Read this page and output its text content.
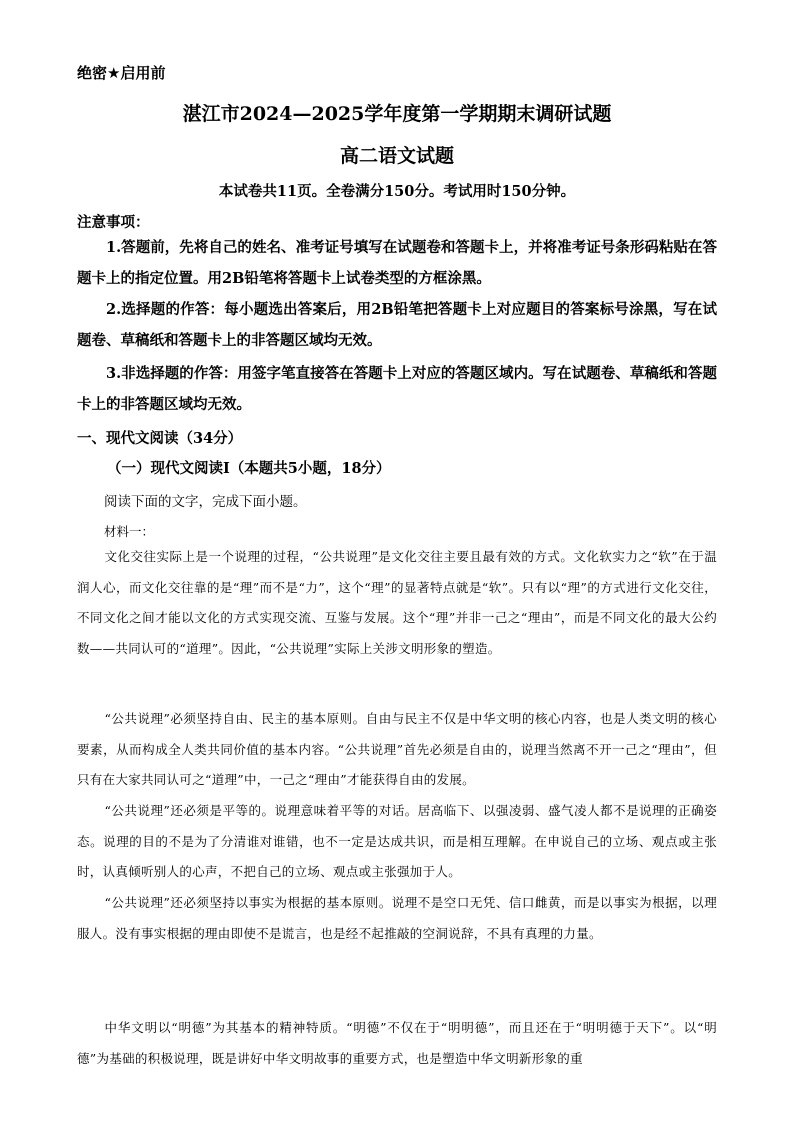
绝密★启用前
湛江市2024—2025学年度第一学期期末调研试题
高二语文试题
本试卷共11页。全卷满分150分。考试用时150分钟。
注意事项：

1.答题前，先将自己的姓名、准考证号填写在试题卷和答题卡上，并将准考证号条形码粘贴在答题卡上的指定位置。用2B铅笔将答题卡上试卷类型的方框涂黑。

2.选择题的作答：每小题选出答案后，用2B铅笔把答题卡上对应题目的答案标号涂黑，写在试题卷、草稿纸和答题卡上的非答题区域均无效。

3.非选择题的作答：用签字笔直接答在答题卡上对应的答题区域内。写在试题卷、草稿纸和答题卡上的非答题区域均无效。

一、现代文阅读（34分）
（一）现代文阅读Ⅰ（本题共5小题，18分）
阅读下面的文字，完成下面小题。
材料一：

文化交往实际上是一个说理的过程，“公共说理”是文化交往主要且最有效的方式。文化软实力之“软”在于温润人心，而文化交往靠的是“理”而不是“力”，这个“理”的显著特点就是“软”。只有以“理”的方式进行文化交往，不同文化之间才能以文化的方式实现交流、互鉴与发展。这个“理”并非一己之“理由”，而是不同文化的最大公约数——共同认可的“道理”。因此，“公共说理”实际上关涉文明形象的塑造。

“公共说理”必须坚持自由、民主的基本原则。自由与民主不仅是中华文明的核心内容，也是人类文明的核心要素，从而构成全人类共同价值的基本内容。“公共说理”首先必须是自由的，说理当然离不开一己之“理由”，但只有在大家共同认可之“道理”中，一己之“理由”才能获得自由的发展。

“公共说理”还必须是平等的。说理意味着平等的对话。居高临下、以强凌弱、盛气凌人都不是说理的正确姿态。说理的目的不是为了分清谁对谁错，也不一定是达成共识，而是相互理解。在申说自己的立场、观点或主张时，认真倾听别人的心声，不把自己的立场、观点或主张强加于人。

“公共说理”还必须坚持以事实为根据的基本原则。说理不是空口无凭、信口雌黄，而是以事实为根据，以理服人。没有事实根据的理由即使不是谎言，也是经不起推敲的空洞说辞，不具有真理的力量。

中华文明以“明德”为其基本的精神特质。“明德”不仅在于“明明德”，而且还在于“明明德于天下”。以“明德”为基础的积极说理，既是讲好中华文明故事的重要方式，也是塑造中华文明新形象的重
